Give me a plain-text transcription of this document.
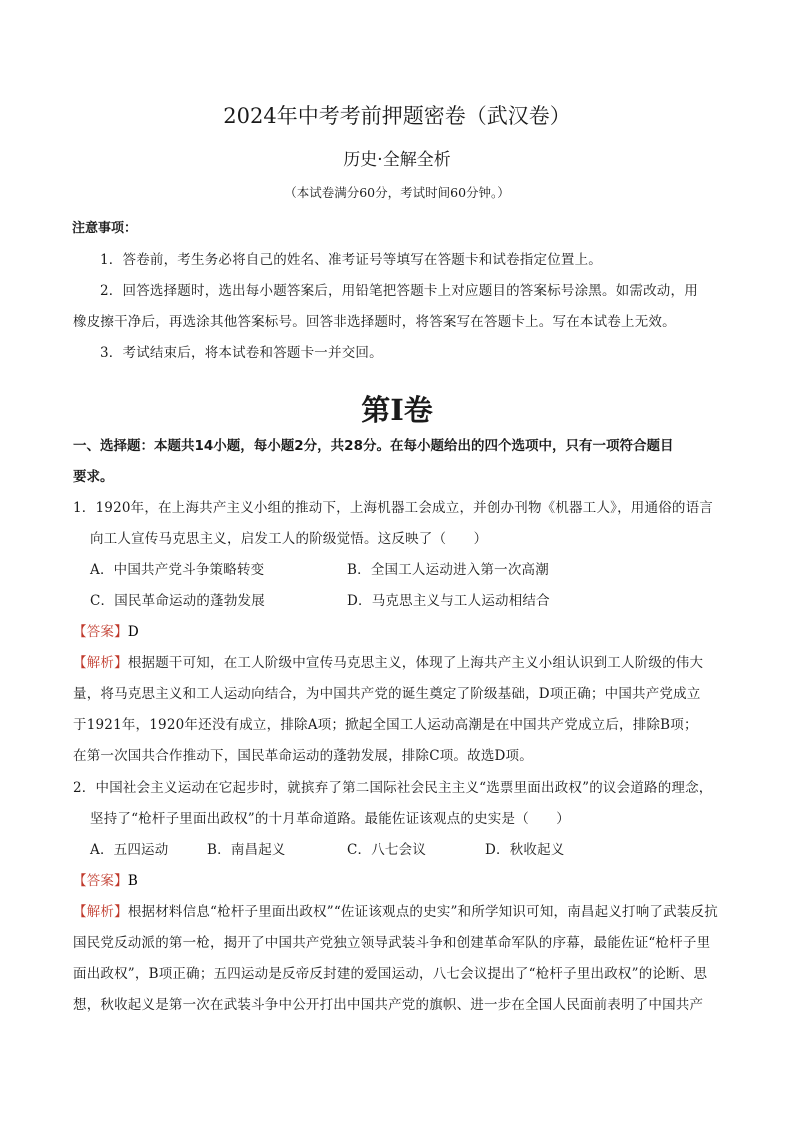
2024年中考考前押题密卷（武汉卷）
历史·全解全析
（本试卷满分60分，考试时间60分钟。）
注意事项：
1．答卷前，考生务必将自己的姓名、准考证号等填写在答题卡和试卷指定位置上。
2．回答选择题时，选出每小题答案后，用铅笔把答题卡上对应题目的答案标号涂黑。如需改动，用
橡皮擦干净后，再选涂其他答案标号。回答非选择题时，将答案写在答题卡上。写在本试卷上无效。
3．考试结束后，将本试卷和答题卡一并交回。
第I卷
一、选择题：本题共14小题，每小题2分，共28分。在每小题给出的四个选项中，只有一项符合题目
要求。
1．1920年，在上海共产主义小组的推动下，上海机器工会成立，并创办刊物《机器工人》，用通俗的语言
向工人宣传马克思主义，启发工人的阶级觉悟。这反映了（　　）
A．中国共产党斗争策略转变	B．全国工人运动进入第一次高潮
C．国民革命运动的蓬勃发展	D．马克思主义与工人运动相结合
【答案】D
【解析】根据题干可知，在工人阶级中宣传马克思主义，体现了上海共产主义小组认识到工人阶级的伟大
量，将马克思主义和工人运动向结合，为中国共产党的诞生奠定了阶级基础，D项正确；中国共产党成立
于1921年，1920年还没有成立，排除A项；掀起全国工人运动高潮是在中国共产党成立后，排除B项；
在第一次国共合作推动下，国民革命运动的蓬勃发展，排除C项。故选D项。
2．中国社会主义运动在它起步时，就摈弃了第二国际社会民主主义“选票里面出政权”的议会道路的理念，
坚持了“枪杆子里面出政权”的十月革命道路。最能佐证该观点的史实是（　　）
A．五四运动	B．南昌起义	C．八七会议	D．秋收起义
【答案】B
【解析】根据材料信息“枪杆子里面出政权”“佐证该观点的史实”和所学知识可知，南昌起义打响了武装反抗
国民党反动派的第一枪，揭开了中国共产党独立领导武装斗争和创建革命军队的序幕，最能佐证“枪杆子里
面出政权”，B项正确；五四运动是反帝反封建的爱国运动，八七会议提出了“枪杆子里出政权”的论断、思
想，秋收起义是第一次在武装斗争中公开打出中国共产党的旗帜、进一步在全国人民面前表明了中国共产
